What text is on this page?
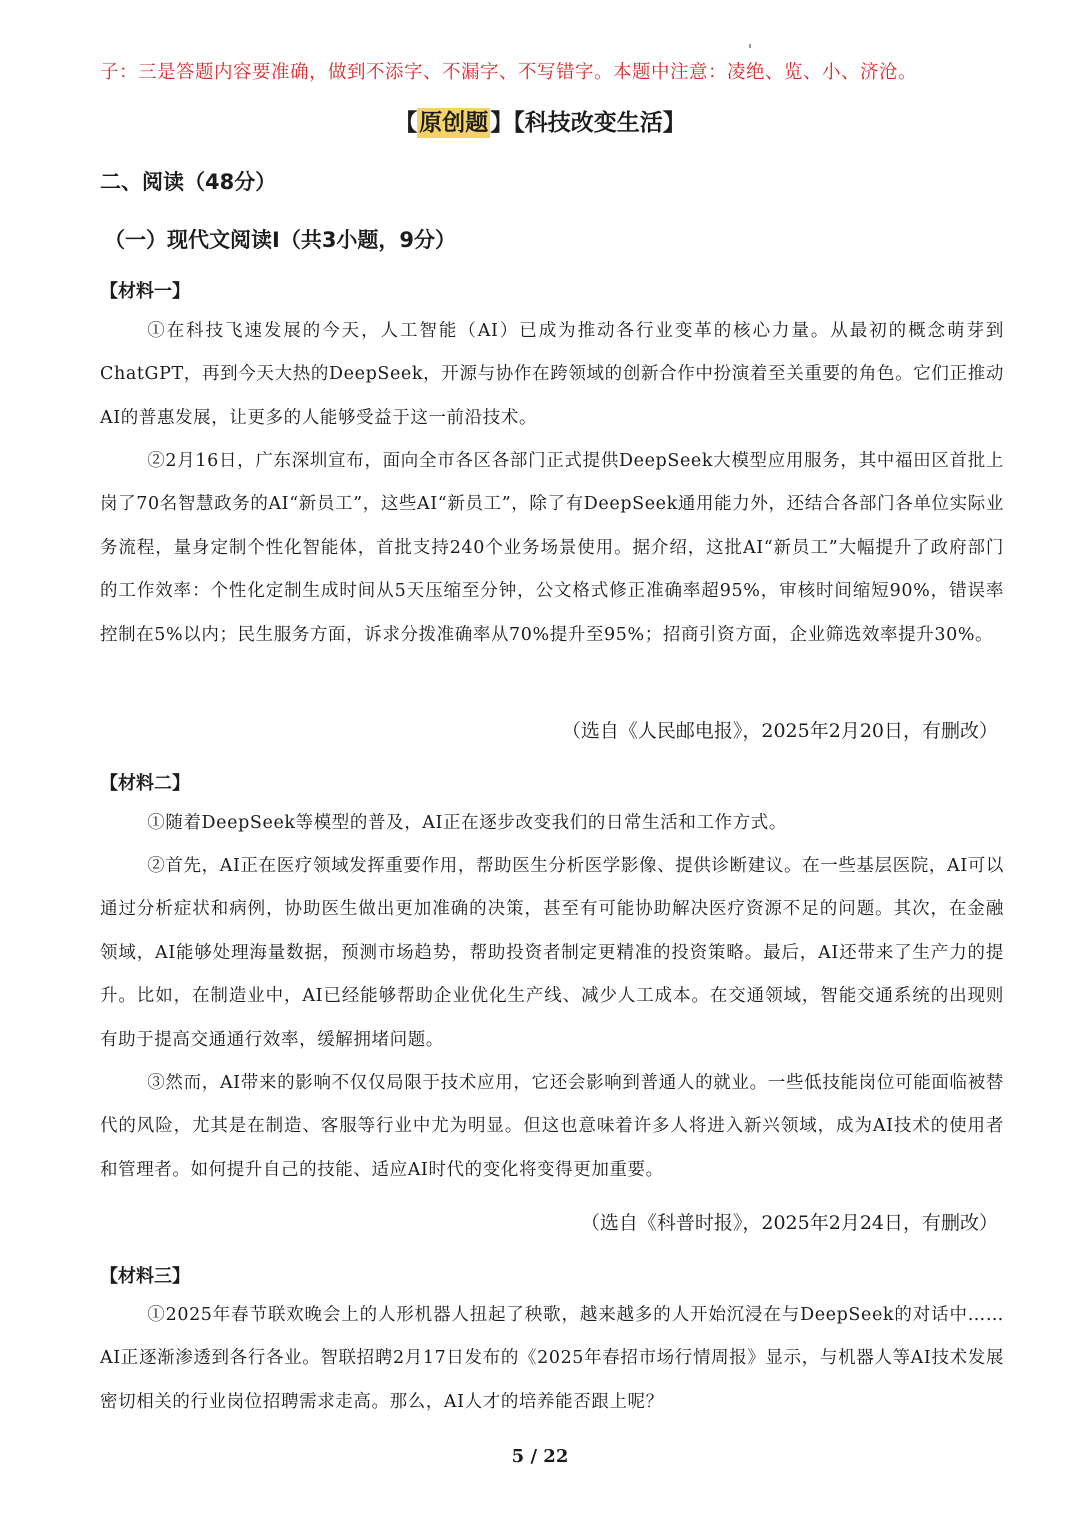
子：三是答题内容要准确，做到不添字、不漏字、不写错字。本题中注意：凌绝、览、小、济沧。
【原创题】【科技改变生活】
二、阅读（48分）
（一）现代文阅读Ⅰ（共3小题，9分）
【材料一】
①在科技飞速发展的今天，人工智能（AI）已成为推动各行业变革的核心力量。从最初的概念萌芽到ChatGPT，再到今天大热的DeepSeek，开源与协作在跨领域的创新合作中扮演着至关重要的角色。它们正推动AI的普惠发展，让更多的人能够受益于这一前沿技术。
②2月16日，广东深圳宣布，面向全市各区各部门正式提供DeepSeek大模型应用服务，其中福田区首批上岗了70名智慧政务的AI“新员工”，这些AI“新员工”，除了有DeepSeek通用能力外，还结合各部门各单位实际业务流程，量身定制个性化智能体，首批支持240个业务场景使用。据介绍，这批AI“新员工”大幅提升了政府部门的工作效率：个性化定制生成时间从5天压缩至分钟，公文格式修正准确率超95%，审核时间缩短90%，错误率控制在5%以内；民生服务方面，诉求分拨准确率从70%提升至95%；招商引资方面，企业筛选效率提升30%。
（选自《人民邮电报》，2025年2月20日，有删改）
【材料二】
①随着DeepSeek等模型的普及，AI正在逐步改变我们的日常生活和工作方式。
②首先，AI正在医疗领域发挥重要作用，帮助医生分析医学影像、提供诊断建议。在一些基层医院，AI可以通过分析症状和病例，协助医生做出更加准确的决策，甚至有可能协助解决医疗资源不足的问题。其次，在金融领域，AI能够处理海量数据，预测市场趋势，帮助投资者制定更精准的投资策略。最后，AI还带来了生产力的提升。比如，在制造业中，AI已经能够帮助企业优化生产线、减少人工成本。在交通领域，智能交通系统的出现则有助于提高交通通行效率，缓解拥堵问题。
③然而，AI带来的影响不仅仅局限于技术应用，它还会影响到普通人的就业。一些低技能岗位可能面临被替代的风险，尤其是在制造、客服等行业中尤为明显。但这也意味着许多人将进入新兴领域，成为AI技术的使用者和管理者。如何提升自己的技能、适应AI时代的变化将变得更加重要。
（选自《科普时报》，2025年2月24日，有删改）
【材料三】
①2025年春节联欢晚会上的人形机器人扭起了秧歌，越来越多的人开始沉浸在与DeepSeek的对话中…… AI正逐渐渗透到各行各业。智联招聘2月17日发布的《2025年春招市场行情周报》显示，与机器人等AI技术发展密切相关的行业岗位招聘需求走高。那么，AI人才的培养能否跟上呢？
5 / 22
